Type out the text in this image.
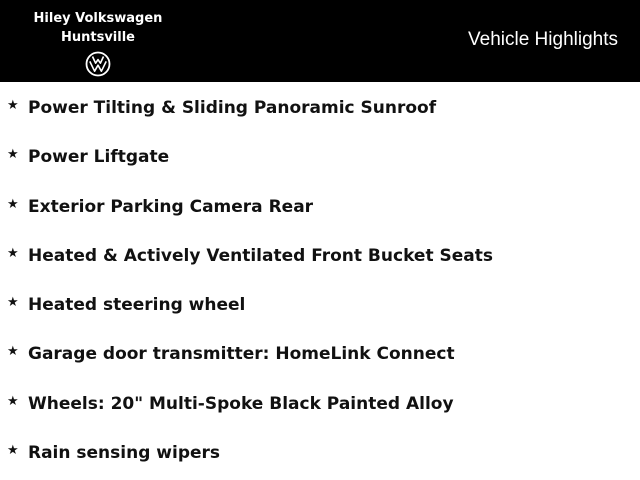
Hiley Volkswagen
Huntsville	Vehicle Highlights
★ Power Tilting & Sliding Panoramic Sunroof
★ Power Liftgate
★ Exterior Parking Camera Rear
★ Heated & Actively Ventilated Front Bucket Seats
★ Heated steering wheel
★ Garage door transmitter: HomeLink Connect
★ Wheels: 20" Multi-Spoke Black Painted Alloy
★ Rain sensing wipers
